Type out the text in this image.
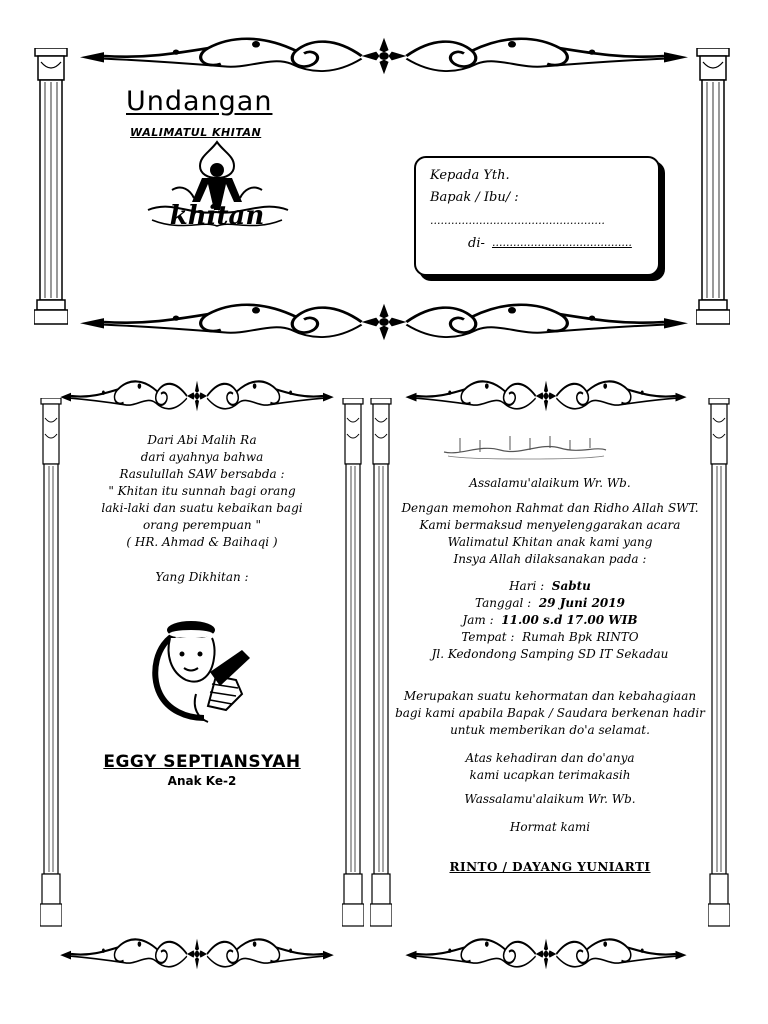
Undangan
WALIMATUL KHITAN
khitan
Kepada Yth.
Bapak / Ibu/ :
..................................................
di- ........................................
Dari Abi Malih Ra
dari ayahnya bahwa
Rasulullah SAW bersabda :
" Khitan itu sunnah bagi orang
laki-laki dan suatu kebaikan bagi
orang perempuan "
( HR. Ahmad & Baihaqi )
Yang Dikhitan :
EGGY SEPTIANSYAH
Anak Ke-2
Assalamu'alaikum Wr. Wb.
Dengan memohon Rahmat dan Ridho Allah SWT.
Kami bermaksud menyelenggarakan acara
Walimatul Khitan anak kami yang
Insya Allah dilaksanakan pada :
Hari : Sabtu
Tanggal : 29 Juni 2019
Jam : 11.00 s.d 17.00 WIB
Tempat : Rumah Bpk RINTO
Jl. Kedondong Samping SD IT Sekadau
Merupakan suatu kehormatan dan kebahagiaan
bagi kami apabila Bapak / Saudara berkenan hadir
untuk memberikan do'a selamat.
Atas kehadiran dan do'anya
kami ucapkan terimakasih
Wassalamu'alaikum Wr. Wb.
Hormat kami
RINTO / DAYANG YUNIARTI
